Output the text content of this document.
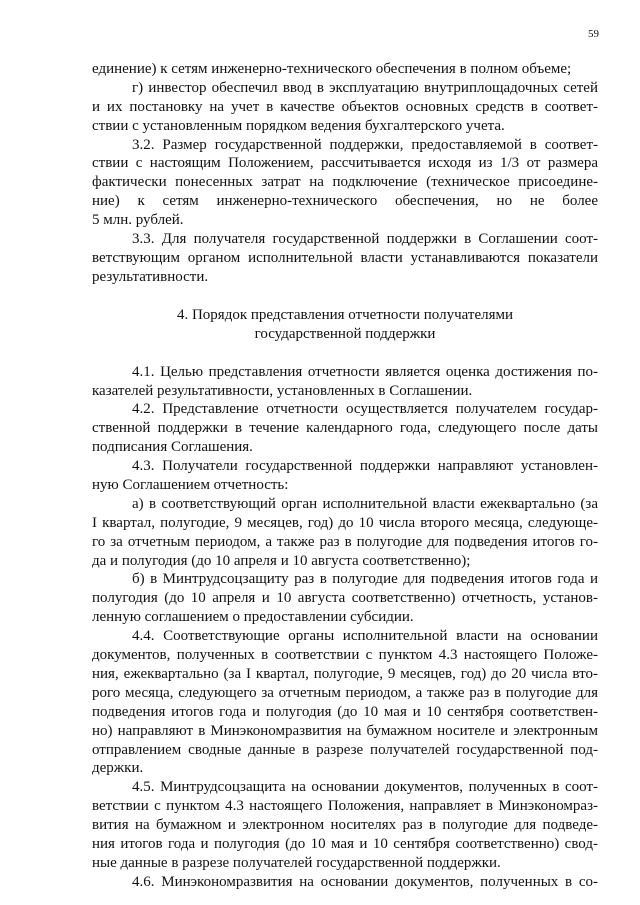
59
единение) к сетям инженерно-технического обеспечения в полном объеме;
г) инвестор обеспечил ввод в эксплуатацию внутриплощадочных сетей
и их постановку на учет в качестве объектов основных средств в соответ-
ствии с установленным порядком ведения бухгалтерского учета.
3.2. Размер государственной поддержки, предоставляемой в соответ-
ствии с настоящим Положением, рассчитывается исходя из 1/3 от размера
фактически понесенных затрат на подключение (техническое присоедине-
ние) к сетям инженерно-технического обеспечения, но не более
5 млн. рублей.
3.3. Для получателя государственной поддержки в Соглашении соот-
ветствующим органом исполнительной власти устанавливаются показатели
результативности.
4. Порядок представления отчетности получателями
государственной поддержки
4.1. Целью представления отчетности является оценка достижения по-
казателей результативности, установленных в Соглашении.
4.2. Представление отчетности осуществляется получателем государ-
ственной поддержки в течение календарного года, следующего после даты
подписания Соглашения.
4.3. Получатели государственной поддержки направляют установлен-
ную Соглашением отчетность:
а) в соответствующий орган исполнительной власти ежеквартально (за
I квартал, полугодие, 9 месяцев, год) до 10 числа второго месяца, следующе-
го за отчетным периодом, а также раз в полугодие для подведения итогов го-
да и полугодия (до 10 апреля и 10 августа соответственно);
б) в Минтрудсоцзащиту раз в полугодие для подведения итогов года и
полугодия (до 10 апреля и 10 августа соответственно) отчетность, установ-
ленную соглашением о предоставлении субсидии.
4.4. Соответствующие органы исполнительной власти на основании
документов, полученных в соответствии с пунктом 4.3 настоящего Положе-
ния, ежеквартально (за I квартал, полугодие, 9 месяцев, год) до 20 числа вто-
рого месяца, следующего за отчетным периодом, а также раз в полугодие для
подведения итогов года и полугодия (до 10 мая и 10 сентября соответствен-
но) направляют в Минэкономразвития на бумажном носителе и электронным
отправлением сводные данные в разрезе получателей государственной под-
держки.
4.5. Минтрудсоцзащита на основании документов, полученных в соот-
ветствии с пунктом 4.3 настоящего Положения, направляет в Минэкономраз-
вития на бумажном и электронном носителях раз в полугодие для подведе-
ния итогов года и полугодия (до 10 мая и 10 сентября соответственно) свод-
ные данные в разрезе получателей государственной поддержки.
4.6. Минэкономразвития на основании документов, полученных в со-
